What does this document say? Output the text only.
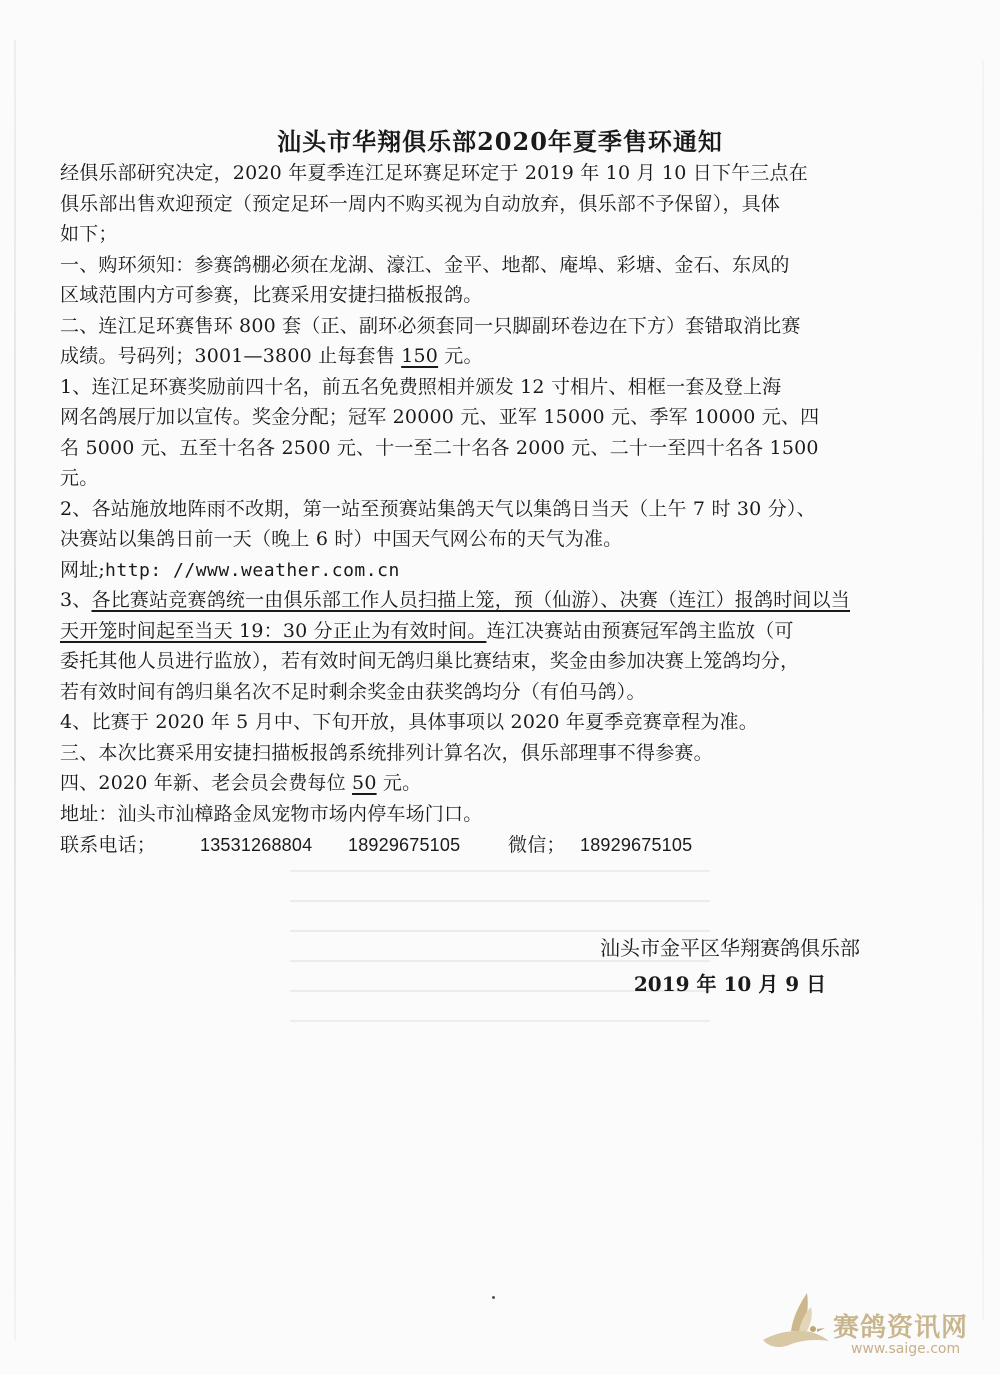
汕头市华翔俱乐部2020年夏季售环通知
经俱乐部研究决定，2020 年夏季连江足环赛足环定于 2019 年 10 月 10 日下午三点在
俱乐部出售欢迎预定（预定足环一周内不购买视为自动放弃，俱乐部不予保留），具体
如下；
一、购环须知：参赛鸽棚必须在龙湖、濠江、金平、地都、庵埠、彩塘、金石、东凤的
区域范围内方可参赛，比赛采用安捷扫描板报鸽。
二、连江足环赛售环 800 套（正、副环必须套同一只脚副环卷边在下方）套错取消比赛
成绩。号码列；3001—3800 止每套售 150 元。
1、连江足环赛奖励前四十名，前五名免费照相并颁发 12 寸相片、相框一套及登上海
网名鸽展厅加以宣传。奖金分配；冠军 20000 元、亚军 15000 元、季军 10000 元、四
名 5000 元、五至十名各 2500 元、十一至二十名各 2000 元、二十一至四十名各 1500
元。
2、各站施放地阵雨不改期，第一站至预赛站集鸽天气以集鸽日当天（上午 7 时 30 分）、
决赛站以集鸽日前一天（晚上 6 时）中国天气网公布的天气为准。
网址;http: //www.weather.com.cn
3、各比赛站竞赛鸽统一由俱乐部工作人员扫描上笼，预（仙游）、决赛（连江）报鸽时间以当
天开笼时间起至当天 19：30 分正止为有效时间。连江决赛站由预赛冠军鸽主监放（可
委托其他人员进行监放），若有效时间无鸽归巢比赛结束，奖金由参加决赛上笼鸽均分，
若有效时间有鸽归巢名次不足时剩余奖金由获奖鸽均分（有伯马鸽）。
4、比赛于 2020 年 5 月中、下旬开放，具体事项以 2020 年夏季竞赛章程为准。
三、本次比赛采用安捷扫描板报鸽系统排列计算名次，俱乐部理事不得参赛。
四、2020 年新、老会员会费每位 50 元。
地址：汕头市汕樟路金凤宠物市场内停车场门口。
联系电话；	13531268804	18929675105	微信； 18929675105
汕头市金平区华翔赛鸽俱乐部
2019 年 10 月 9 日
赛鸽资讯网
www.saige.com
